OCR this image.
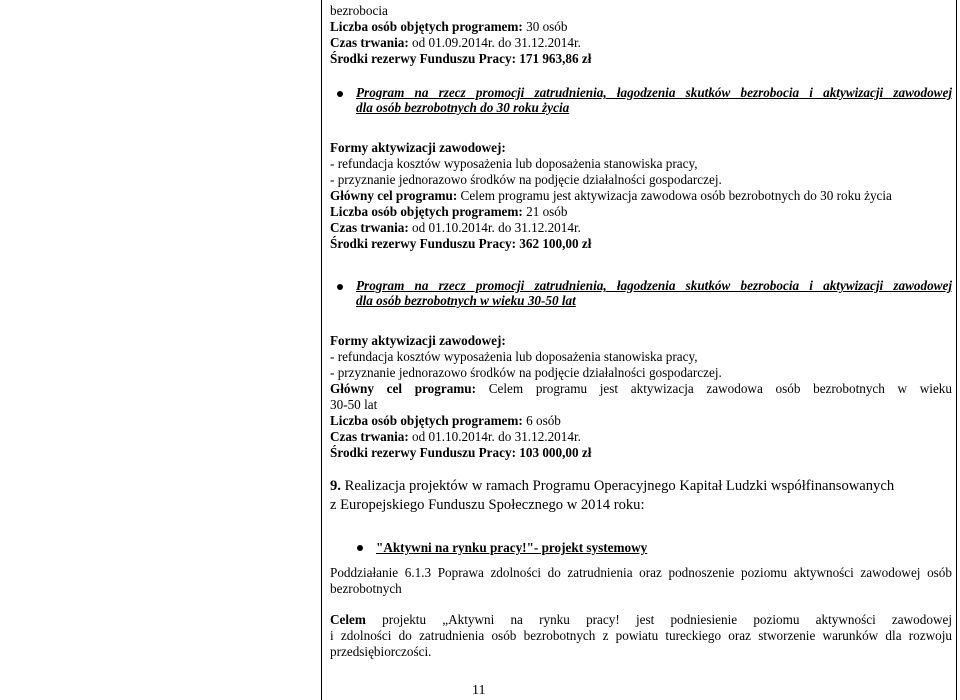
bezrobocia
Liczba osób objętych programem: 30 osób
Czas trwania: od 01.09.2014r. do 31.12.2014r.
Środki rezerwy Funduszu Pracy: 171 963,86 zł
Program na rzecz promocji zatrudnienia, łagodzenia skutków bezrobocia i aktywizacji zawodowej
dla osób bezrobotnych do 30 roku życia
Formy aktywizacji zawodowej:
- refundacja kosztów wyposażenia lub doposażenia stanowiska pracy,
- przyznanie jednorazowo środków na podjęcie działalności gospodarczej.
Główny cel programu: Celem programu jest aktywizacja zawodowa osób bezrobotnych do 30 roku życia
Liczba osób objętych programem: 21 osób
Czas trwania: od 01.10.2014r. do 31.12.2014r.
Środki rezerwy Funduszu Pracy: 362 100,00 zł
Program na rzecz promocji zatrudnienia, łagodzenia skutków bezrobocia i aktywizacji zawodowej
dla osób bezrobotnych w wieku 30-50 lat
Formy aktywizacji zawodowej:
- refundacja kosztów wyposażenia lub doposażenia stanowiska pracy,
- przyznanie jednorazowo środków na podjęcie działalności gospodarczej.
Główny cel programu: Celem programu jest aktywizacja zawodowa osób bezrobotnych w wieku
30-50 lat
Liczba osób objętych programem: 6 osób
Czas trwania: od 01.10.2014r. do 31.12.2014r.
Środki rezerwy Funduszu Pracy: 103 000,00 zł
9. Realizacja projektów w ramach Programu Operacyjnego Kapitał Ludzki współfinansowanych
z Europejskiego Funduszu Społecznego w 2014 roku:
"Aktywni na rynku pracy!"- projekt systemowy
Poddziałanie 6.1.3 Poprawa zdolności do zatrudnienia oraz podnoszenie poziomu aktywności zawodowej osób
bezrobotnych
Celem projektu „Aktywni na rynku pracy! jest podniesienie poziomu aktywności zawodowej
i zdolności do zatrudnienia osób bezrobotnych z powiatu tureckiego oraz stworzenie warunków dla rozwoju
przedsiębiorczości.
11
